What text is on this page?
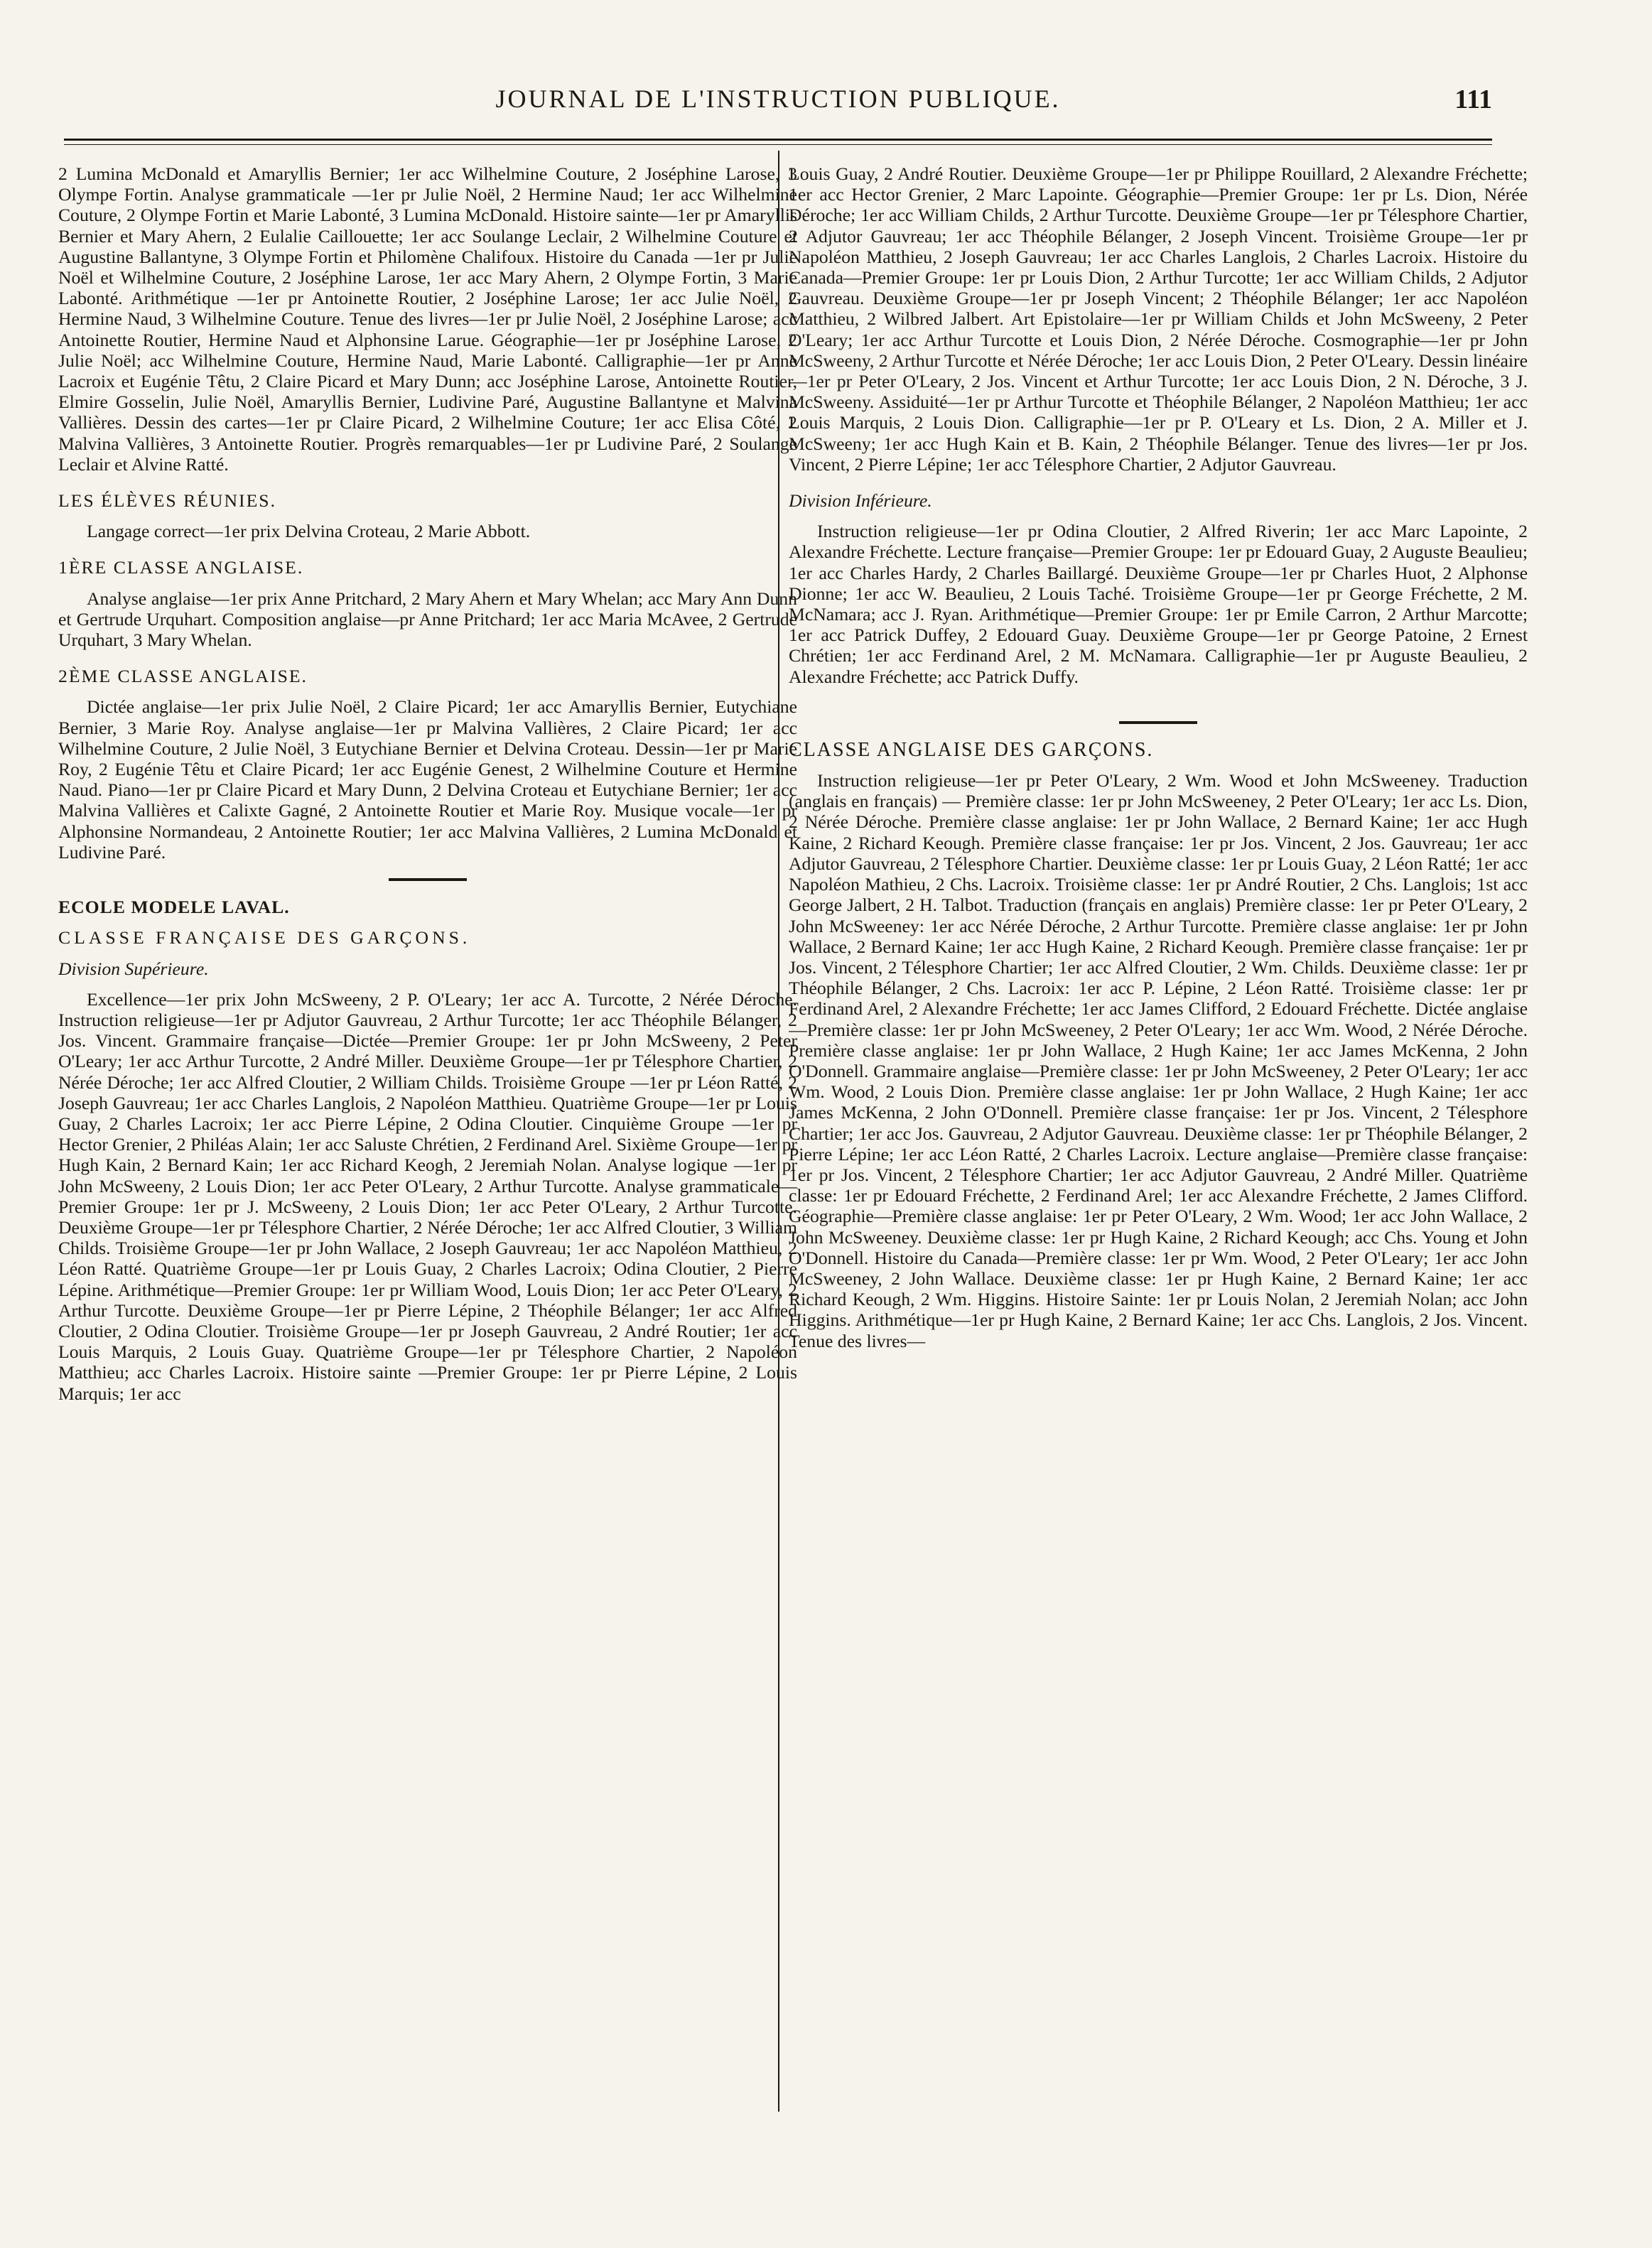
JOURNAL DE L'INSTRUCTION PUBLIQUE.	111

2 Lumina McDonald et Amaryllis Bernier; 1er acc Wilhelmine Couture, 2 Joséphine Larose, 3 Olympe Fortin. Analyse grammaticale —1er pr Julie Noël, 2 Hermine Naud; 1er acc Wilhelmine Couture, 2 Olympe Fortin et Marie Labonté, 3 Lumina McDonald. Histoire sainte—1er pr Amaryllis Bernier et Mary Ahern, 2 Eulalie Caillouette; 1er acc Soulange Leclair, 2 Wilhelmine Couture et Augustine Ballantyne, 3 Olympe Fortin et Philomène Chalifoux. Histoire du Canada —1er pr Julie Noël et Wilhelmine Couture, 2 Joséphine Larose, 1er acc Mary Ahern, 2 Olympe Fortin, 3 Marie Labonté. Arithmétique —1er pr Antoinette Routier, 2 Joséphine Larose; 1er acc Julie Noël, 2 Hermine Naud, 3 Wilhelmine Couture. Tenue des livres—1er pr Julie Noël, 2 Joséphine Larose; acc Antoinette Routier, Hermine Naud et Alphonsine Larue. Géographie—1er pr Joséphine Larose, 2 Julie Noël; acc Wilhelmine Couture, Hermine Naud, Marie Labonté. Calligraphie—1er pr Anne Lacroix et Eugénie Têtu, 2 Claire Picard et Mary Dunn; acc Joséphine Larose, Antoinette Routier, Elmire Gosselin, Julie Noël, Amaryllis Bernier, Ludivine Paré, Augustine Ballantyne et Malvina Vallières. Dessin des cartes—1er pr Claire Picard, 2 Wilhelmine Couture; 1er acc Elisa Côté, 2 Malvina Vallières, 3 Antoinette Routier. Progrès remarquables—1er pr Ludivine Paré, 2 Soulange Leclair et Alvine Ratté.

LES ÉLÈVES RÉUNIES.

Langage correct—1er prix Delvina Croteau, 2 Marie Abbott.

1ÈRE CLASSE ANGLAISE.

Analyse anglaise—1er prix Anne Pritchard, 2 Mary Ahern et Mary Whelan; acc Mary Ann Dunn et Gertrude Urquhart. Composition anglaise—pr Anne Pritchard; 1er acc Maria McAvee, 2 Gertrude Urquhart, 3 Mary Whelan.

2ÈME CLASSE ANGLAISE.

Dictée anglaise—1er prix Julie Noël, 2 Claire Picard; 1er acc Amaryllis Bernier, Eutychiane Bernier, 3 Marie Roy. Analyse anglaise—1er pr Malvina Vallières, 2 Claire Picard; 1er acc Wilhelmine Couture, 2 Julie Noël, 3 Eutychiane Bernier et Delvina Croteau. Dessin—1er pr Marie Roy, 2 Eugénie Têtu et Claire Picard; 1er acc Eugénie Genest, 2 Wilhelmine Couture et Hermine Naud. Piano—1er pr Claire Picard et Mary Dunn, 2 Delvina Croteau et Eutychiane Bernier; 1er acc Malvina Vallières et Calixte Gagné, 2 Antoinette Routier et Marie Roy. Musique vocale—1er pr Alphonsine Normandeau, 2 Antoinette Routier; 1er acc Malvina Vallières, 2 Lumina McDonald et Ludivine Paré.

ECOLE MODELE LAVAL.

CLASSE FRANÇAISE DES GARÇONS.

Division Supérieure.

Excellence—1er prix John McSweeny, 2 P. O'Leary; 1er acc A. Turcotte, 2 Nérée Déroche. Instruction religieuse—1er pr Adjutor Gauvreau, 2 Arthur Turcotte; 1er acc Théophile Bélanger, 2 Jos. Vincent. Grammaire française—Dictée—Premier Groupe: 1er pr John McSweeny, 2 Peter O'Leary; 1er acc Arthur Turcotte, 2 André Miller. Deuxième Groupe—1er pr Télesphore Chartier, 2 Nérée Déroche; 1er acc Alfred Cloutier, 2 William Childs. Troisième Groupe —1er pr Léon Ratté, 2 Joseph Gauvreau; 1er acc Charles Langlois, 2 Napoléon Matthieu. Quatrième Groupe—1er pr Louis Guay, 2 Charles Lacroix; 1er acc Pierre Lépine, 2 Odina Cloutier. Cinquième Groupe —1er pr Hector Grenier, 2 Philéas Alain; 1er acc Saluste Chrétien, 2 Ferdinand Arel. Sixième Groupe—1er pr Hugh Kain, 2 Bernard Kain; 1er acc Richard Keogh, 2 Jeremiah Nolan. Analyse logique —1er pr John McSweeny, 2 Louis Dion; 1er acc Peter O'Leary, 2 Arthur Turcotte. Analyse grammaticale—Premier Groupe: 1er pr J. McSweeny, 2 Louis Dion; 1er acc Peter O'Leary, 2 Arthur Turcotte. Deuxième Groupe—1er pr Télesphore Chartier, 2 Nérée Déroche; 1er acc Alfred Cloutier, 3 William Childs. Troisième Groupe—1er pr John Wallace, 2 Joseph Gauvreau; 1er acc Napoléon Matthieu, 2 Léon Ratté. Quatrième Groupe—1er pr Louis Guay, 2 Charles Lacroix; Odina Cloutier, 2 Pierre Lépine. Arithmétique—Premier Groupe: 1er pr William Wood, Louis Dion; 1er acc Peter O'Leary, 2 Arthur Turcotte. Deuxième Groupe—1er pr Pierre Lépine, 2 Théophile Bélanger; 1er acc Alfred Cloutier, 2 Odina Cloutier. Troisième Groupe—1er pr Joseph Gauvreau, 2 André Routier; 1er acc Louis Marquis, 2 Louis Guay. Quatrième Groupe—1er pr Télesphore Chartier, 2 Napoléon Matthieu; acc Charles Lacroix. Histoire sainte —Premier Groupe: 1er pr Pierre Lépine, 2 Louis Marquis; 1er acc

Louis Guay, 2 André Routier. Deuxième Groupe—1er pr Philippe Rouillard, 2 Alexandre Fréchette; 1er acc Hector Grenier, 2 Marc Lapointe. Géographie—Premier Groupe: 1er pr Ls. Dion, Nérée Déroche; 1er acc William Childs, 2 Arthur Turcotte. Deuxième Groupe—1er pr Télesphore Chartier, 2 Adjutor Gauvreau; 1er acc Théophile Bélanger, 2 Joseph Vincent. Troisième Groupe—1er pr Napoléon Matthieu, 2 Joseph Gauvreau; 1er acc Charles Langlois, 2 Charles Lacroix. Histoire du Canada—Premier Groupe: 1er pr Louis Dion, 2 Arthur Turcotte; 1er acc William Childs, 2 Adjutor Gauvreau. Deuxième Groupe—1er pr Joseph Vincent; 2 Théophile Bélanger; 1er acc Napoléon Matthieu, 2 Wilbred Jalbert. Art Epistolaire—1er pr William Childs et John McSweeny, 2 Peter O'Leary; 1er acc Arthur Turcotte et Louis Dion, 2 Nérée Déroche. Cosmographie—1er pr John McSweeny, 2 Arthur Turcotte et Nérée Déroche; 1er acc Louis Dion, 2 Peter O'Leary. Dessin linéaire—1er pr Peter O'Leary, 2 Jos. Vincent et Arthur Turcotte; 1er acc Louis Dion, 2 N. Déroche, 3 J. McSweeny. Assiduité—1er pr Arthur Turcotte et Théophile Bélanger, 2 Napoléon Matthieu; 1er acc Louis Marquis, 2 Louis Dion. Calligraphie—1er pr P. O'Leary et Ls. Dion, 2 A. Miller et J. McSweeny; 1er acc Hugh Kain et B. Kain, 2 Théophile Bélanger. Tenue des livres—1er pr Jos. Vincent, 2 Pierre Lépine; 1er acc Télesphore Chartier, 2 Adjutor Gauvreau.

Division Inférieure.

Instruction religieuse—1er pr Odina Cloutier, 2 Alfred Riverin; 1er acc Marc Lapointe, 2 Alexandre Fréchette. Lecture française—Premier Groupe: 1er pr Edouard Guay, 2 Auguste Beaulieu; 1er acc Charles Hardy, 2 Charles Baillargé. Deuxième Groupe—1er pr Charles Huot, 2 Alphonse Dionne; 1er acc W. Beaulieu, 2 Louis Taché. Troisième Groupe—1er pr George Fréchette, 2 M. McNamara; acc J. Ryan. Arithmétique—Premier Groupe: 1er pr Emile Carron, 2 Arthur Marcotte; 1er acc Patrick Duffey, 2 Edouard Guay. Deuxième Groupe—1er pr George Patoine, 2 Ernest Chrétien; 1er acc Ferdinand Arel, 2 M. McNamara. Calligraphie—1er pr Auguste Beaulieu, 2 Alexandre Fréchette; acc Patrick Duffy.

CLASSE ANGLAISE DES GARÇONS.

Instruction religieuse—1er pr Peter O'Leary, 2 Wm. Wood et John McSweeney. Traduction (anglais en français) — Première classe: 1er pr John McSweeney, 2 Peter O'Leary; 1er acc Ls. Dion, 2 Nérée Déroche. Première classe anglaise: 1er pr John Wallace, 2 Bernard Kaine; 1er acc Hugh Kaine, 2 Richard Keough. Première classe française: 1er pr Jos. Vincent, 2 Jos. Gauvreau; 1er acc Adjutor Gauvreau, 2 Télesphore Chartier. Deuxième classe: 1er pr Louis Guay, 2 Léon Ratté; 1er acc Napoléon Mathieu, 2 Chs. Lacroix. Troisième classe: 1er pr André Routier, 2 Chs. Langlois; 1st acc George Jalbert, 2 H. Talbot. Traduction (français en anglais) Première classe: 1er pr Peter O'Leary, 2 John McSweeney: 1er acc Nérée Déroche, 2 Arthur Turcotte. Première classe anglaise: 1er pr John Wallace, 2 Bernard Kaine; 1er acc Hugh Kaine, 2 Richard Keough. Première classe française: 1er pr Jos. Vincent, 2 Télesphore Chartier; 1er acc Alfred Cloutier, 2 Wm. Childs. Deuxième classe: 1er pr Théophile Bélanger, 2 Chs. Lacroix: 1er acc P. Lépine, 2 Léon Ratté. Troisième classe: 1er pr Ferdinand Arel, 2 Alexandre Fréchette; 1er acc James Clifford, 2 Edouard Fréchette. Dictée anglaise—Première classe: 1er pr John McSweeney, 2 Peter O'Leary; 1er acc Wm. Wood, 2 Nérée Déroche. Première classe anglaise: 1er pr John Wallace, 2 Hugh Kaine; 1er acc James McKenna, 2 John O'Donnell. Grammaire anglaise—Première classe: 1er pr John McSweeney, 2 Peter O'Leary; 1er acc Wm. Wood, 2 Louis Dion. Première classe anglaise: 1er pr John Wallace, 2 Hugh Kaine; 1er acc James McKenna, 2 John O'Donnell. Première classe française: 1er pr Jos. Vincent, 2 Télesphore Chartier; 1er acc Jos. Gauvreau, 2 Adjutor Gauvreau. Deuxième classe: 1er pr Théophile Bélanger, 2 Pierre Lépine; 1er acc Léon Ratté, 2 Charles Lacroix. Lecture anglaise—Première classe française: 1er pr Jos. Vincent, 2 Télesphore Chartier; 1er acc Adjutor Gauvreau, 2 André Miller. Quatrième classe: 1er pr Edouard Fréchette, 2 Ferdinand Arel; 1er acc Alexandre Fréchette, 2 James Clifford. Géographie—Première classe anglaise: 1er pr Peter O'Leary, 2 Wm. Wood; 1er acc John Wallace, 2 John McSweeney. Deuxième classe: 1er pr Hugh Kaine, 2 Richard Keough; acc Chs. Young et John O'Donnell. Histoire du Canada—Première classe: 1er pr Wm. Wood, 2 Peter O'Leary; 1er acc John McSweeney, 2 John Wallace. Deuxième classe: 1er pr Hugh Kaine, 2 Bernard Kaine; 1er acc Richard Keough, 2 Wm. Higgins. Histoire Sainte: 1er pr Louis Nolan, 2 Jeremiah Nolan; acc John Higgins. Arithmétique—1er pr Hugh Kaine, 2 Bernard Kaine; 1er acc Chs. Langlois, 2 Jos. Vincent. Tenue des livres—
